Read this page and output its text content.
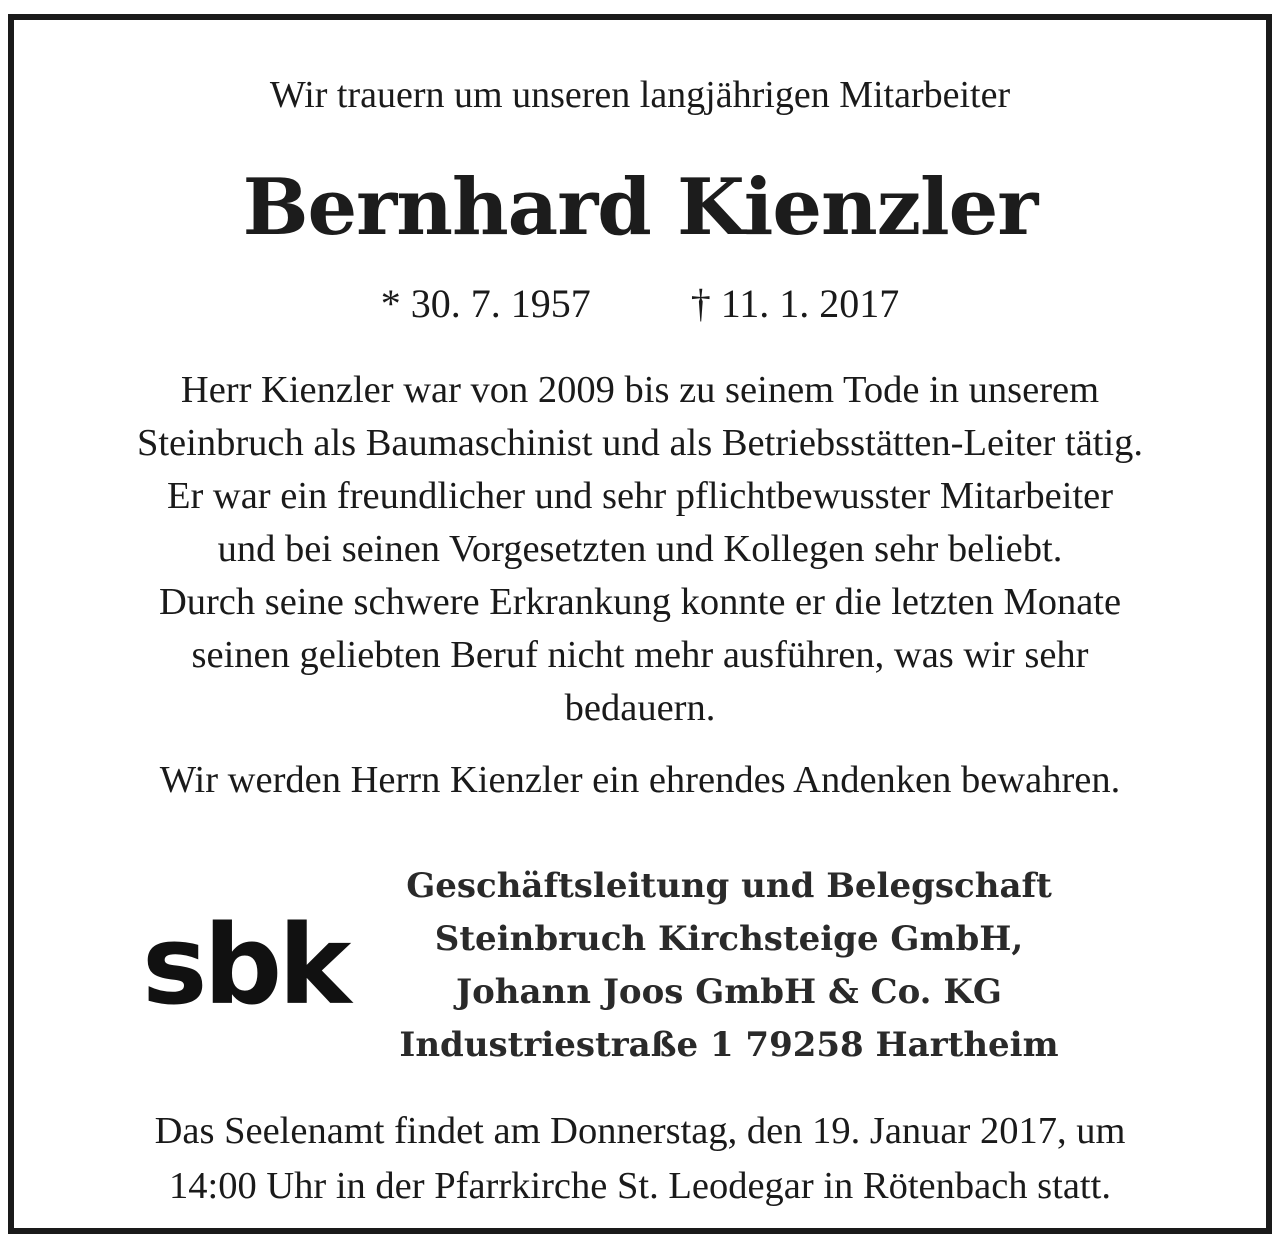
Wir trauern um unseren langjährigen Mitarbeiter
Bernhard Kienzler
* 30. 7. 1957	† 11. 1. 2017
Herr Kienzler war von 2009 bis zu seinem Tode in unserem
Steinbruch als Baumaschinist und als Betriebsstätten-Leiter tätig.
Er war ein freundlicher und sehr pflichtbewusster Mitarbeiter
und bei seinen Vorgesetzten und Kollegen sehr beliebt.
Durch seine schwere Erkrankung konnte er die letzten Monate
seinen geliebten Beruf nicht mehr ausführen, was wir sehr
bedauern.
Wir werden Herrn Kienzler ein ehrendes Andenken bewahren.
sbk
Geschäftsleitung und Belegschaft
Steinbruch Kirchsteige GmbH,
Johann Joos GmbH & Co. KG
Industriestraße 1 79258 Hartheim
Das Seelenamt findet am Donnerstag, den 19. Januar 2017, um
14:00 Uhr in der Pfarrkirche St. Leodegar in Rötenbach statt.
